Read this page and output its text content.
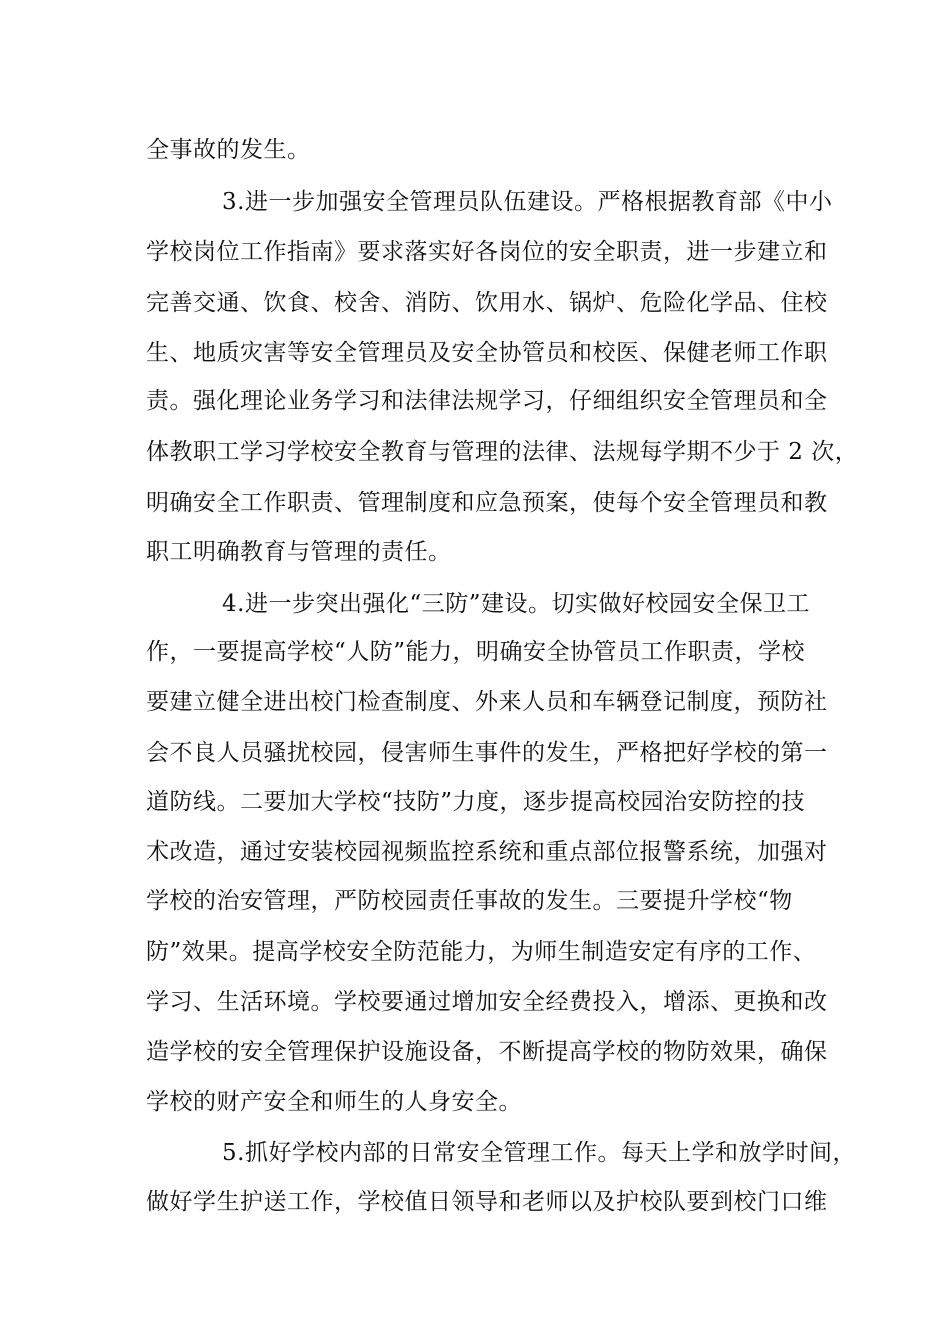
全事故的发生。
3.进一步加强安全管理员队伍建设。严格根据教育部《中小
学校岗位工作指南》要求落实好各岗位的安全职责，进一步建立和
完善交通、饮食、校舍、消防、饮用水、锅炉、危险化学品、住校
生、地质灾害等安全管理员及安全协管员和校医、保健老师工作职
责。强化理论业务学习和法律法规学习，仔细组织安全管理员和全
体教职工学习学校安全教育与管理的法律、法规每学期不少于 2 次，
明确安全工作职责、管理制度和应急预案，使每个安全管理员和教
职工明确教育与管理的责任。
4.进一步突出强化“三防”建设。切实做好校园安全保卫工
作，一要提高学校“人防”能力，明确安全协管员工作职责，学校
要建立健全进出校门检查制度、外来人员和车辆登记制度，预防社
会不良人员骚扰校园，侵害师生事件的发生，严格把好学校的第一
道防线。二要加大学校“技防”力度，逐步提高校园治安防控的技
术改造，通过安装校园视频监控系统和重点部位报警系统，加强对
学校的治安管理，严防校园责任事故的发生。三要提升学校“物
防”效果。提高学校安全防范能力，为师生制造安定有序的工作、
学习、生活环境。学校要通过增加安全经费投入，增添、更换和改
造学校的安全管理保护设施设备，不断提高学校的物防效果，确保
学校的财产安全和师生的人身安全。
5.抓好学校内部的日常安全管理工作。每天上学和放学时间，
做好学生护送工作，学校值日领导和老师以及护校队要到校门口维
